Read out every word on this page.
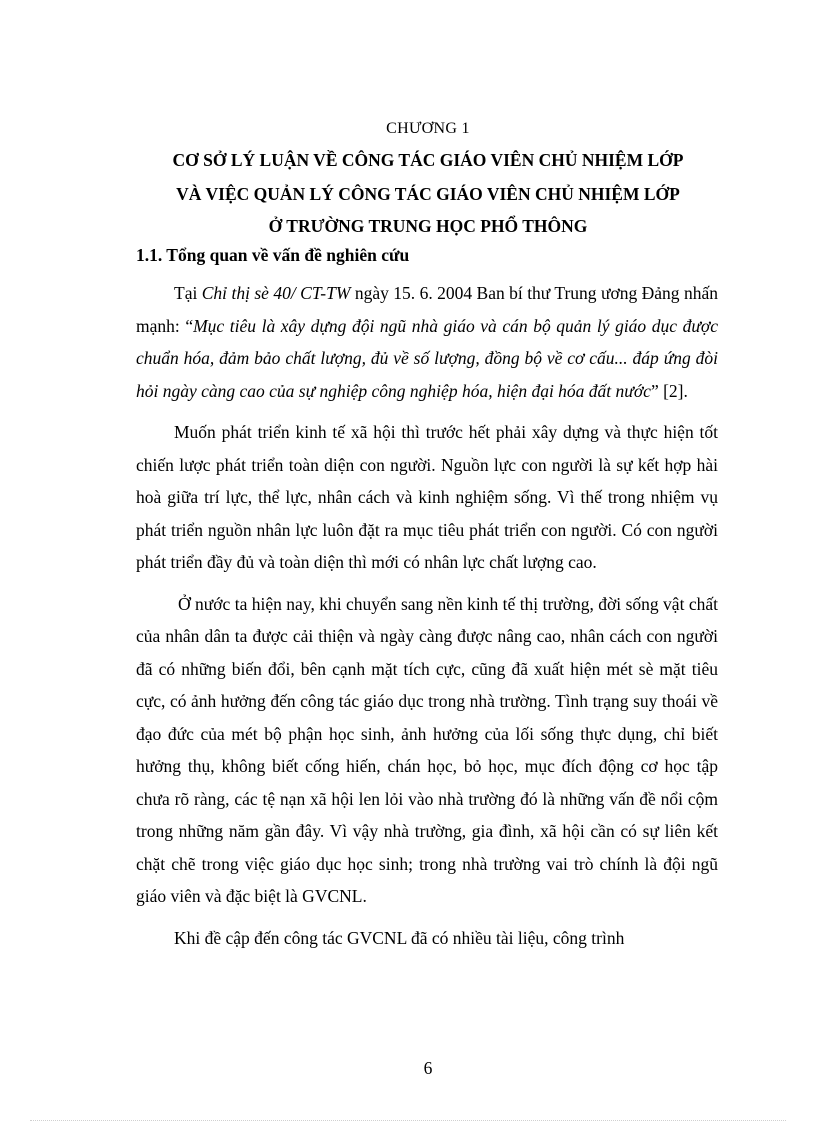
CHƯƠNG 1
CƠ SỞ LÝ LUẬN VỀ CÔNG TÁC GIÁO VIÊN CHỦ NHIỆM LỚP
VÀ VIỆC QUẢN LÝ CÔNG TÁC GIÁO VIÊN CHỦ NHIỆM LỚP
Ở TRƯỜNG TRUNG HỌC PHỔ THÔNG
1.1. Tổng quan về vấn đề nghiên cứu

Tại Chỉ thị sè 40/ CT-TW ngày 15. 6. 2004 Ban bí thư Trung ương Đảng nhấn mạnh: “Mục tiêu là xây dựng đội ngũ nhà giáo và cán bộ quản lý giáo dục được chuẩn hóa, đảm bảo chất lượng, đủ về số lượng, đồng bộ về cơ cấu... đáp ứng đòi hỏi ngày càng cao của sự nghiệp công nghiệp hóa, hiện đại hóa đất nước” [2].

Muốn phát triển kinh tế xã hội thì trước hết phải xây dựng và thực hiện tốt chiến lược phát triển toàn diện con người. Nguồn lực con người là sự kết hợp hài hoà giữa trí lực, thể lực, nhân cách và kinh nghiệm sống. Vì thế trong nhiệm vụ phát triển nguồn nhân lực luôn đặt ra mục tiêu phát triển con người. Có con người phát triển đầy đủ và toàn diện thì mới có nhân lực chất lượng cao.

Ở nước ta hiện nay, khi chuyển sang nền kinh tế thị trường, đời sống vật chất của nhân dân ta được cải thiện và ngày càng được nâng cao, nhân cách con người đã có những biến đổi, bên cạnh mặt tích cực, cũng đã xuất hiện mét sè mặt tiêu cực, có ảnh hưởng đến công tác giáo dục trong nhà trường. Tình trạng suy thoái về đạo đức của mét bộ phận học sinh, ảnh hưởng của lối sống thực dụng, chỉ biết hưởng thụ, không biết cống hiến, chán học, bỏ học, mục đích động cơ học tập chưa rõ ràng, các tệ nạn xã hội len lỏi vào nhà trường đó là những vấn đề nổi cộm trong những năm gần đây. Vì vậy nhà trường, gia đình, xã hội cần có sự liên kết chặt chẽ trong việc giáo dục học sinh; trong nhà trường vai trò chính là đội ngũ giáo viên và đặc biệt là GVCNL.

Khi đề cập đến công tác GVCNL đã có nhiều tài liệu, công trình

6
